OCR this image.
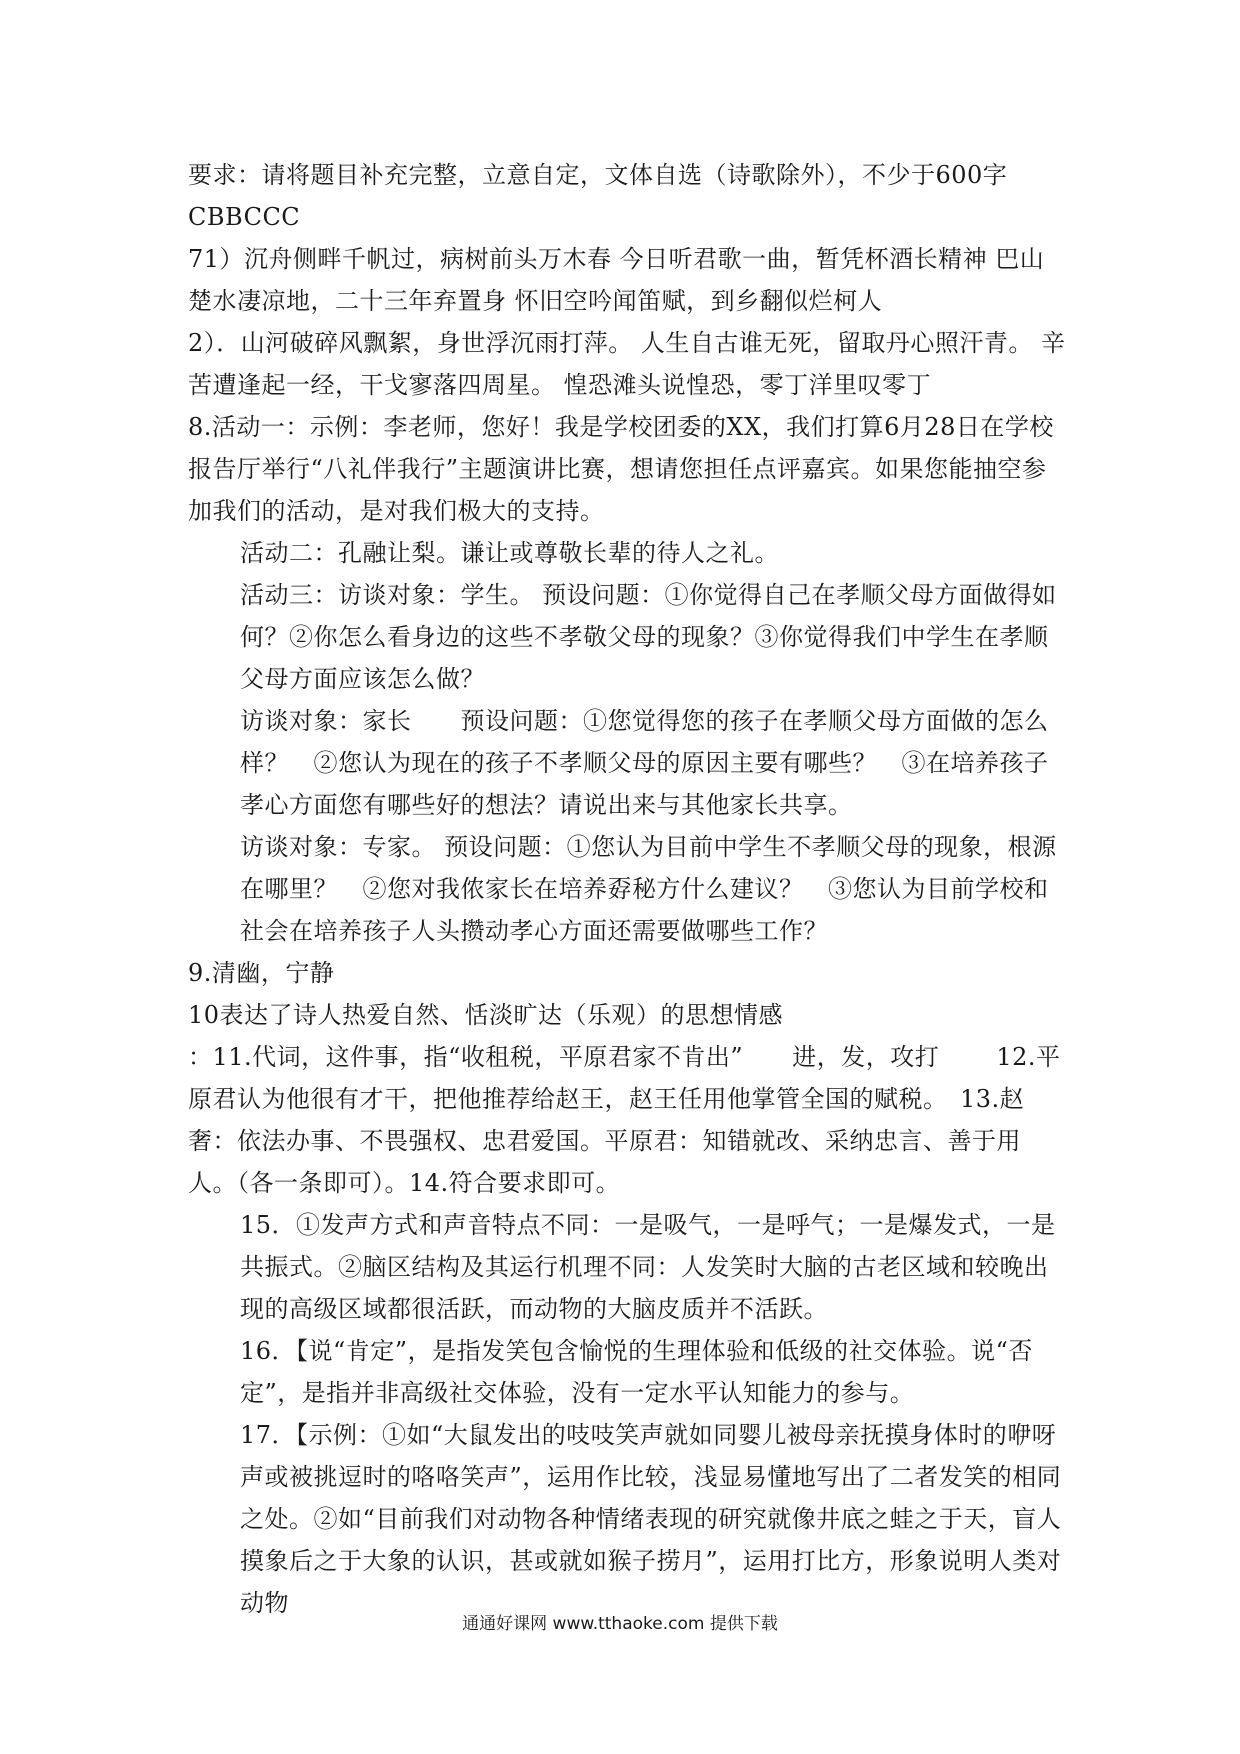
要求：请将题目补充完整，立意自定，文体自选（诗歌除外），不少于600字

CBBCCC

71）沉舟侧畔千帆过，病树前头万木春 今日听君歌一曲，暂凭杯酒长精神 巴山楚水凄凉地，二十三年弃置身 怀旧空吟闻笛赋，到乡翻似烂柯人

2）．山河破碎风飘絮，身世浮沉雨打萍。 人生自古谁无死，留取丹心照汗青。 辛苦遭逢起一经，干戈寥落四周星。 惶恐滩头说惶恐，零丁洋里叹零丁

8.活动一：示例：李老师，您好！我是学校团委的XX，我们打算6月28日在学校报告厅举行“八礼伴我行”主题演讲比赛，想请您担任点评嘉宾。如果您能抽空参加我们的活动，是对我们极大的支持。

活动二：孔融让梨。谦让或尊敬长辈的待人之礼。

活动三：访谈对象：学生。 预设问题：①你觉得自己在孝顺父母方面做得如何？②你怎么看身边的这些不孝敬父母的现象？③你觉得我们中学生在孝顺父母方面应该怎么做？

访谈对象：家长　　预设问题：①您觉得您的孩子在孝顺父母方面做的怎么样？　②您认为现在的孩子不孝顺父母的原因主要有哪些？　③在培养孩子孝心方面您有哪些好的想法？请说出来与其他家长共享。

访谈对象：专家。 预设问题：①您认为目前中学生不孝顺父母的现象，根源在哪里？　②您对我侬家长在培养孬秘方什么建议？　③您认为目前学校和社会在培养孩子人头攒动孝心方面还需要做哪些工作？

9.清幽，宁静

10表达了诗人热爱自然、恬淡旷达（乐观）的思想情感

：11.代词，这件事，指“收租税，平原君家不肯出”　　进，发，攻打　　 12.平原君认为他很有才干，把他推荐给赵王，赵王任用他掌管全国的赋税。　13.赵奢：依法办事、不畏强权、忠君爱国。平原君：知错就改、采纳忠言、善于用人。（各一条即可）。14.符合要求即可。

15．①发声方式和声音特点不同：一是吸气，一是呼气；一是爆发式，一是共振式。②脑区结构及其运行机理不同：人发笑时大脑的古老区域和较晚出现的高级区域都很活跃，而动物的大脑皮质并不活跃。

16．【说“肯定”，是指发笑包含愉悦的生理体验和低级的社交体验。说“否定”，是指并非高级社交体验，没有一定水平认知能力的参与。

17．【示例：①如“大鼠发出的吱吱笑声就如同婴儿被母亲抚摸身体时的咿呀声或被挑逗时的咯咯笑声”，运用作比较，浅显易懂地写出了二者发笑的相同之处。②如“目前我们对动物各种情绪表现的研究就像井底之蛙之于天，盲人摸象后之于大象的认识，甚或就如猴子捞月”，运用打比方，形象说明人类对动物

通通好课网 www.tthaoke.com 提供下载
